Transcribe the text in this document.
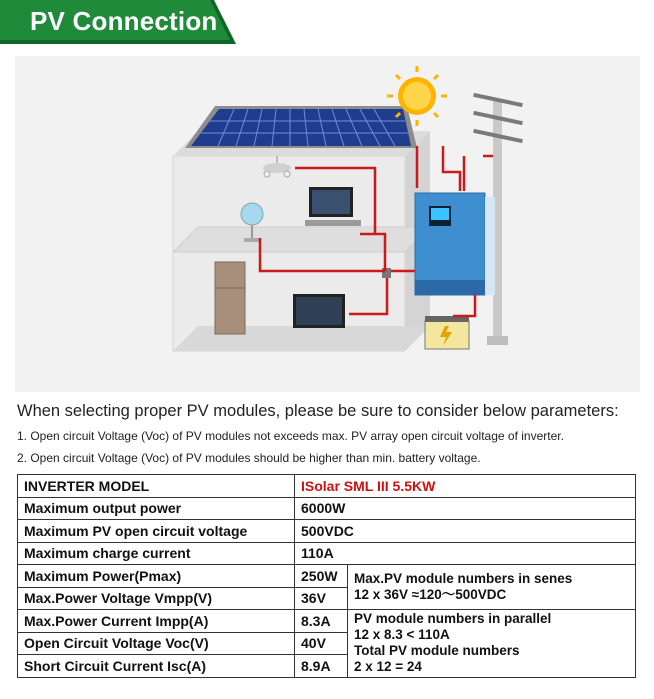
PV Connection
When selecting proper PV modules, please be sure to consider below parameters:
1. Open circuit Voltage (Voc) of PV modules not exceeds max. PV array open circuit voltage of inverter.
2. Open circuit Voltage (Voc) of PV modules should be higher than min. battery voltage.
INVERTER MODEL	ISolar SML III 5.5KW	
Maximum output power	6000W	
Maximum PV open circuit voltage	500VDC	
Maximum charge current	110A	
Maximum Power(Pmax)	250W	Max.PV module numbers in senes
12 x 36V ≈120～500VDC

Max.Power Voltage Vmpp(V)	36V	
Max.Power Current Impp(A)	8.3A	PV module numbers in parallel
12 x 8.3 < 110A
Total PV module numbers
2 x 12 = 24

Open Circuit Voltage Voc(V)	40V	
Short Circuit Current Isc(A)	8.9A	
